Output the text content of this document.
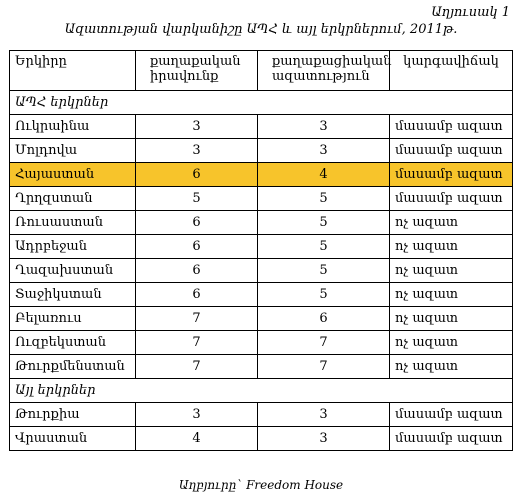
Աղյուսակ 1
Ազատության վարկանիշը ԱՊՀ և այլ երկրներում, 2011թ.
Երկիրը	քաղաքական իրավունք	քաղաքացիական ազատություն	կարգավիճակ
ԱՊՀ երկրներ			
Ուկրաինա	3	3	մասամբ ազատ
Մոլդովա	3	3	մասամբ ազատ
Հայաստան	6	4	մասամբ ազատ
Ղրղզստան	5	5	մասամբ ազատ
Ռուսաստան	6	5	ոչ ազատ
Ադրբեջան	6	5	ոչ ազատ
Ղազախստան	6	5	ոչ ազատ
Տաջիկստան	6	5	ոչ ազատ
Բելառուս	7	6	ոչ ազատ
Ուզբեկստան	7	7	ոչ ազատ
Թուրքմենստան	7	7	ոչ ազատ
Այլ երկրներ			
Թուրքիա	3	3	մասամբ ազատ
Վրաստան	4	3	մասամբ ազատ
Աղբյուրը` Freedom House
